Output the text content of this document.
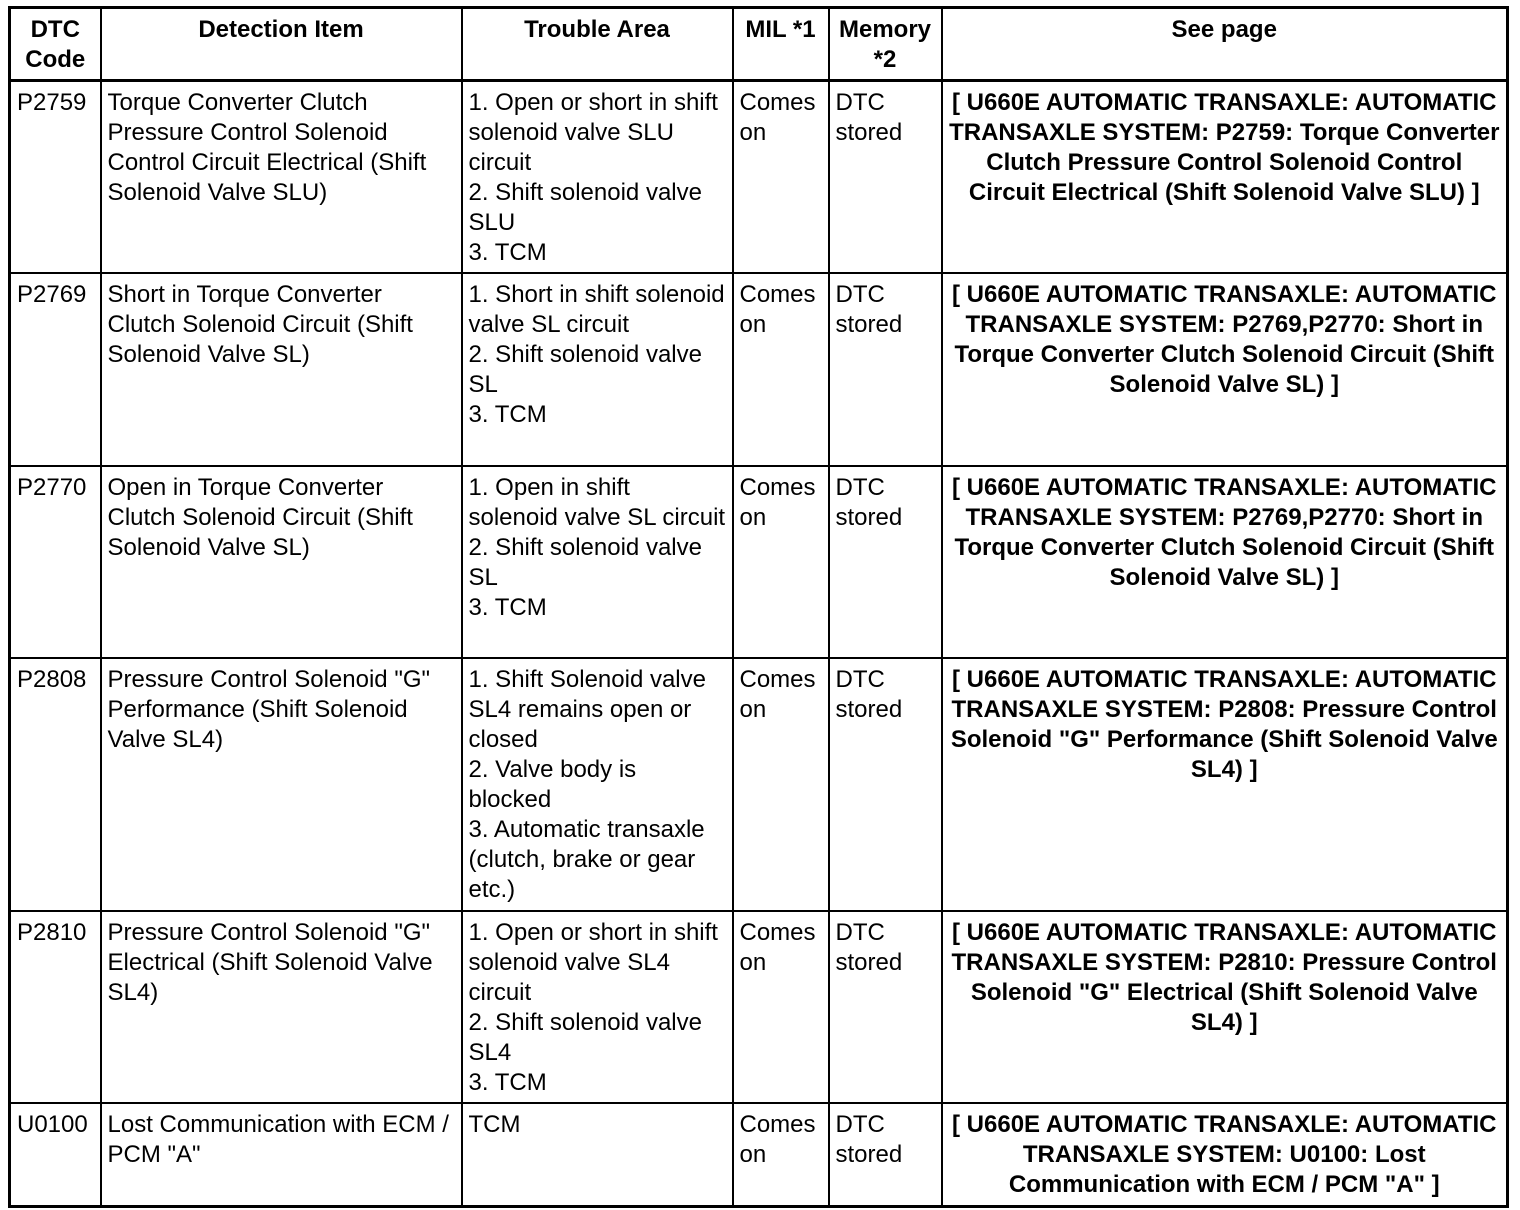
DTC
Code	Detection Item	Trouble Area	MIL *1	Memory
*2	See page
P2759	Torque Converter Clutch Pressure Control Solenoid Control Circuit Electrical (Shift Solenoid Valve SLU)	1. Open or short in shift solenoid valve SLU circuit
2. Shift solenoid valve SLU
3. TCM	Comes on	DTC stored	[ U660E AUTOMATIC TRANSAXLE: AUTOMATIC TRANSAXLE SYSTEM: P2759: Torque Converter Clutch Pressure Control Solenoid Control Circuit Electrical (Shift Solenoid Valve SLU) ]
P2769	Short in Torque Converter Clutch Solenoid Circuit (Shift Solenoid Valve SL)	1. Short in shift solenoid valve SL circuit
2. Shift solenoid valve SL
3. TCM	Comes on	DTC stored	[ U660E AUTOMATIC TRANSAXLE: AUTOMATIC TRANSAXLE SYSTEM: P2769,P2770: Short in Torque Converter Clutch Solenoid Circuit (Shift Solenoid Valve SL) ]
P2770	Open in Torque Converter Clutch Solenoid Circuit (Shift Solenoid Valve SL)	1. Open in shift solenoid valve SL circuit
2. Shift solenoid valve SL
3. TCM	Comes on	DTC stored	[ U660E AUTOMATIC TRANSAXLE: AUTOMATIC TRANSAXLE SYSTEM: P2769,P2770: Short in Torque Converter Clutch Solenoid Circuit (Shift Solenoid Valve SL) ]
P2808	Pressure Control Solenoid "G" Performance (Shift Solenoid Valve SL4)	1. Shift Solenoid valve SL4 remains open or closed
2. Valve body is blocked
3. Automatic transaxle (clutch, brake or gear etc.)	Comes on	DTC stored	[ U660E AUTOMATIC TRANSAXLE: AUTOMATIC TRANSAXLE SYSTEM: P2808: Pressure Control Solenoid "G" Performance (Shift Solenoid Valve SL4) ]
P2810	Pressure Control Solenoid "G" Electrical (Shift Solenoid Valve SL4)	1. Open or short in shift solenoid valve SL4 circuit
2. Shift solenoid valve SL4
3. TCM	Comes on	DTC stored	[ U660E AUTOMATIC TRANSAXLE: AUTOMATIC TRANSAXLE SYSTEM: P2810: Pressure Control Solenoid "G" Electrical (Shift Solenoid Valve SL4) ]
U0100	Lost Communication with ECM / PCM "A"	TCM	Comes on	DTC stored	[ U660E AUTOMATIC TRANSAXLE: AUTOMATIC TRANSAXLE SYSTEM: U0100: Lost Communication with ECM / PCM "A" ]
